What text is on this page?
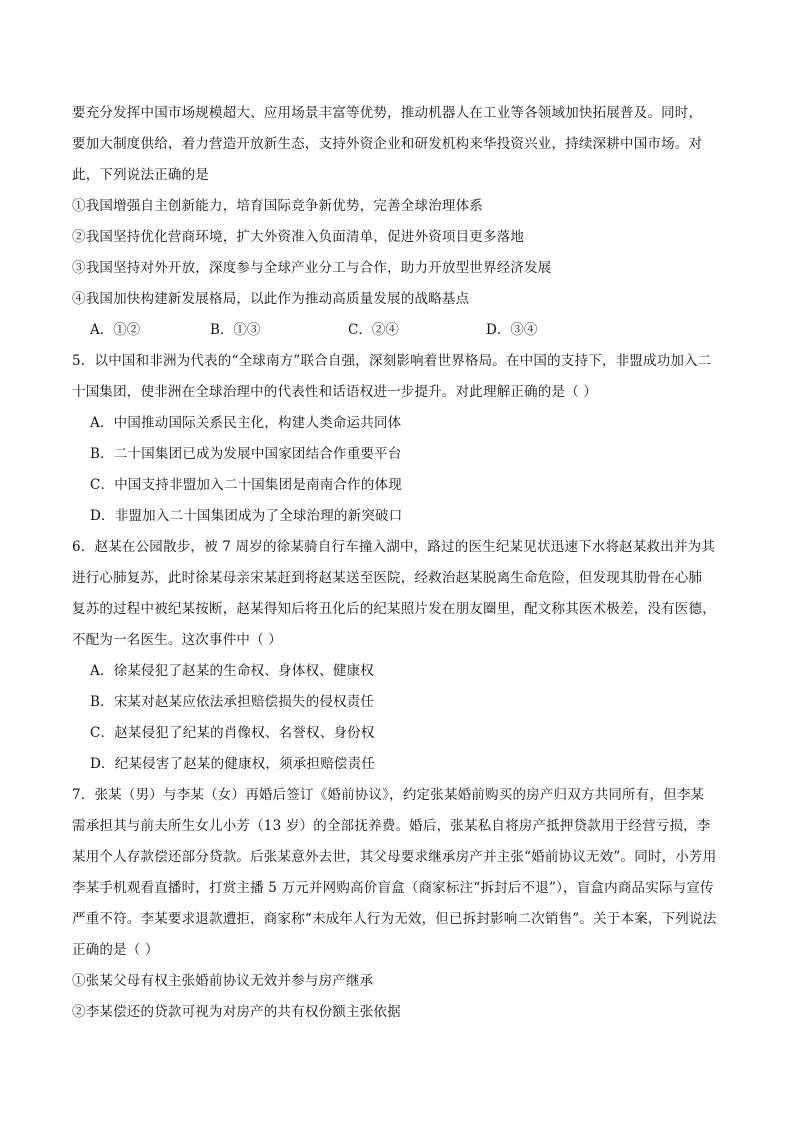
要充分发挥中国市场规模超大、应用场景丰富等优势，推动机器人在工业等各领域加快拓展普及。同时，
要加大制度供给，着力营造开放新生态，支持外资企业和研发机构来华投资兴业，持续深耕中国市场。对
此，下列说法正确的是
①我国增强自主创新能力，培育国际竞争新优势，完善全球治理体系
②我国坚持优化营商环境，扩大外资准入负面清单，促进外资项目更多落地
③我国坚持对外开放，深度参与全球产业分工与合作，助力开放型世界经济发展
④我国加快构建新发展格局，以此作为推动高质量发展的战略基点
A．①②	B．①③	C．②④	D．③④
5．以中国和非洲为代表的“全球南方”联合自强，深刻影响着世界格局。在中国的支持下，非盟成功加入二
十国集团，使非洲在全球治理中的代表性和话语权进一步提升。对此理解正确的是（ ）
A．中国推动国际关系民主化，构建人类命运共同体
B．二十国集团已成为发展中国家团结合作重要平台
C．中国支持非盟加入二十国集团是南南合作的体现
D．非盟加入二十国集团成为了全球治理的新突破口
6．赵某在公园散步，被 7 周岁的徐某骑自行车撞入湖中，路过的医生纪某见状迅速下水将赵某救出并为其
进行心肺复苏，此时徐某母亲宋某赶到将赵某送至医院，经救治赵某脱离生命危险，但发现其肋骨在心肺
复苏的过程中被纪某按断，赵某得知后将丑化后的纪某照片发在朋友圈里，配文称其医术极差，没有医德，
不配为一名医生。这次事件中（ ）
A．徐某侵犯了赵某的生命权、身体权、健康权
B．宋某对赵某应依法承担赔偿损失的侵权责任
C．赵某侵犯了纪某的肖像权、名誉权、身份权
D．纪某侵害了赵某的健康权，须承担赔偿责任
7．张某（男）与李某（女）再婚后签订《婚前协议》，约定张某婚前购买的房产归双方共同所有，但李某
需承担其与前夫所生女儿小芳（13 岁）的全部抚养费。婚后，张某私自将房产抵押贷款用于经营亏损，李
某用个人存款偿还部分贷款。后张某意外去世，其父母要求继承房产并主张“婚前协议无效”。同时，小芳用
李某手机观看直播时，打赏主播 5 万元并网购高价盲盒（商家标注“拆封后不退”），盲盒内商品实际与宣传
严重不符。李某要求退款遭拒，商家称“未成年人行为无效，但已拆封影响二次销售”。关于本案，下列说法
正确的是（ ）
①张某父母有权主张婚前协议无效并参与房产继承
②李某偿还的贷款可视为对房产的共有权份额主张依据
